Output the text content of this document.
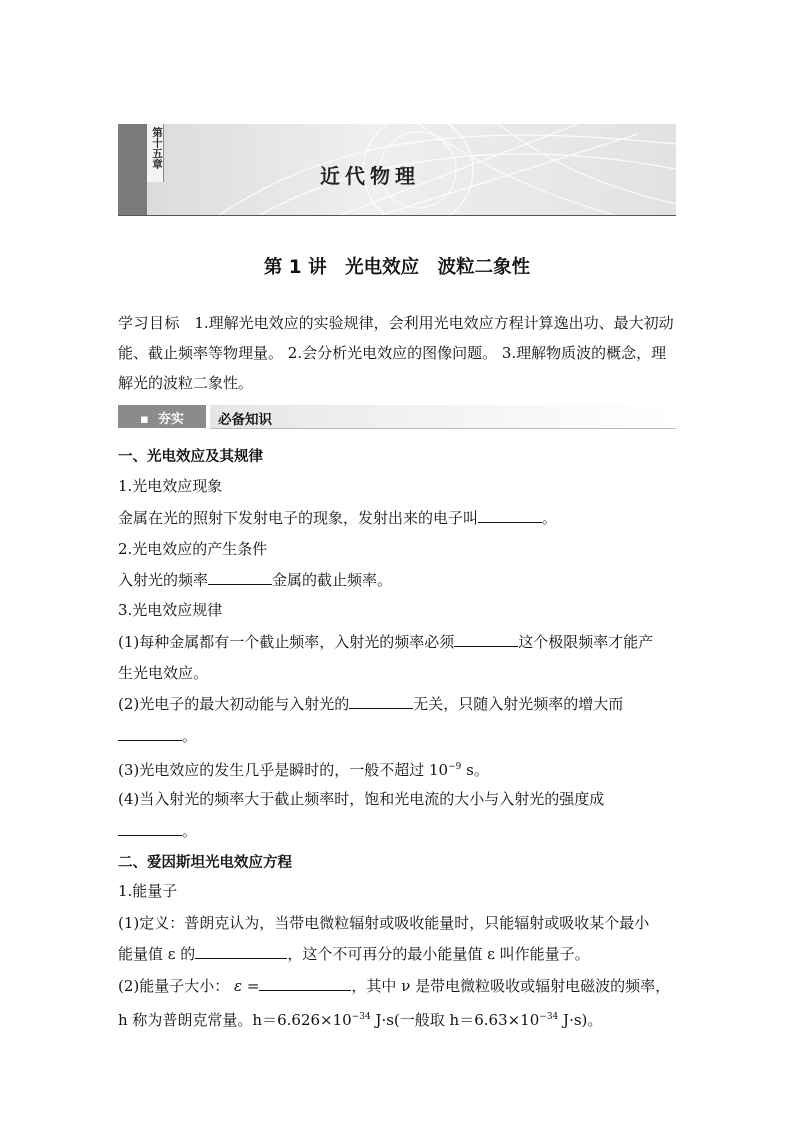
第十五章
近代物理
第 1 讲　光电效应　波粒二象性
学习目标 1.理解光电效应的实验规律，会利用光电效应方程计算逸出功、最大初动能、截止频率等物理量。 2.会分析光电效应的图像问题。 3.理解物质波的概念，理解光的波粒二象性。
▪  夯实	必备知识
一、光电效应及其规律
1.光电效应现象
金属在光的照射下发射电子的现象，发射出来的电子叫	。
2.光电效应的产生条件
入射光的频率	金属的截止频率。
3.光电效应规律
(1)每种金属都有一个截止频率，入射光的频率必须	这个极限频率才能产
生光电效应。
(2)光电子的最大初动能与入射光的	无关，只随入射光频率的增大而
。
(3)光电效应的发生几乎是瞬时的，一般不超过 $10^{-9}$ s。
(4)当入射光的频率大于截止频率时，饱和光电流的大小与入射光的强度成
。
二、爱因斯坦光电效应方程
1.能量子
(1)定义：普朗克认为，当带电微粒辐射或吸收能量时，只能辐射或吸收某个最小
能量值 ε 的	，这个不可再分的最小能量值 ε 叫作能量子。
(2)能量子大小： ε =	，其中 ν 是带电微粒吸收或辐射电磁波的频率，
h 称为普朗克常量。$h=6.626\times 10^{-34}$ J·s(一般取 $h=6.63\times 10^{-34}$ J·s)。
